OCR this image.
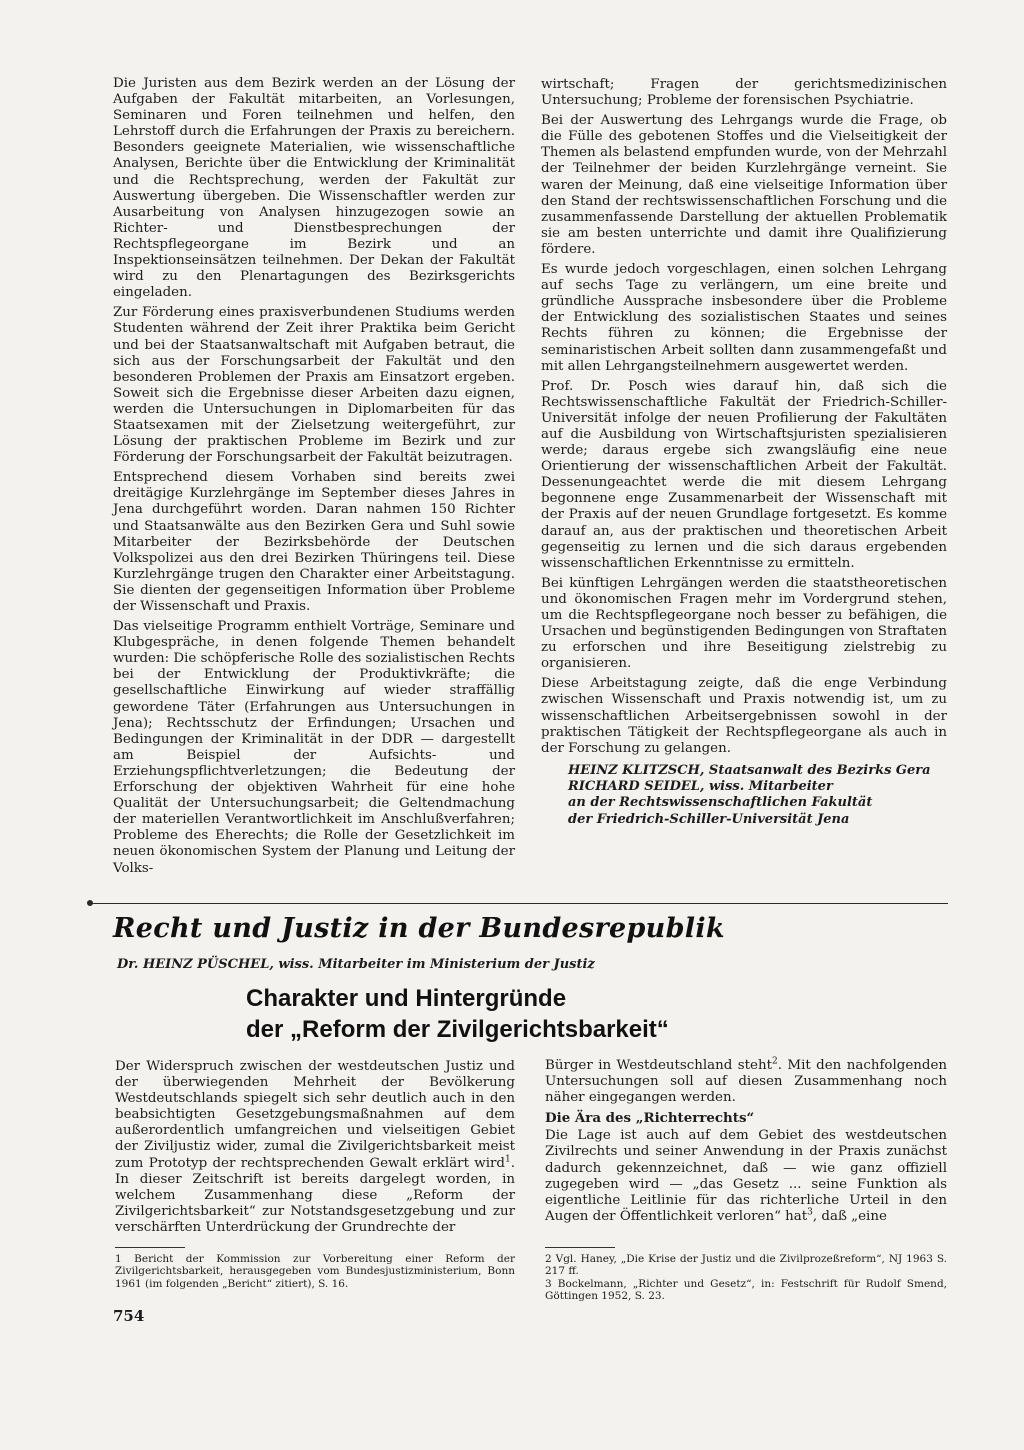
Die Juristen aus dem Bezirk werden an der Lösung der Aufgaben der Fakultät mitarbeiten, an Vorlesungen, Seminaren und Foren teilnehmen und helfen, den Lehrstoff durch die Erfahrungen der Praxis zu bereichern. Besonders geeignete Materialien, wie wissenschaftliche Analysen, Berichte über die Entwicklung der Kriminalität und die Rechtsprechung, werden der Fakultät zur Auswertung übergeben. Die Wissenschaftler werden zur Ausarbeitung von Analysen hinzugezogen sowie an Richter- und Dienstbesprechungen der Rechtspflegeorgane im Bezirk und an Inspektionseinsätzen teilnehmen. Der Dekan der Fakultät wird zu den Plenartagungen des Bezirksgerichts eingeladen.

Zur Förderung eines praxisverbundenen Studiums werden Studenten während der Zeit ihrer Praktika beim Gericht und bei der Staatsanwaltschaft mit Aufgaben betraut, die sich aus der Forschungsarbeit der Fakultät und den besonderen Problemen der Praxis am Einsatzort ergeben. Soweit sich die Ergebnisse dieser Arbeiten dazu eignen, werden die Untersuchungen in Diplomarbeiten für das Staatsexamen mit der Zielsetzung weitergeführt, zur Lösung der praktischen Probleme im Bezirk und zur Förderung der Forschungsarbeit der Fakultät beizutragen.

Entsprechend diesem Vorhaben sind bereits zwei dreitägige Kurzlehrgänge im September dieses Jahres in Jena durchgeführt worden. Daran nahmen 150 Richter und Staatsanwälte aus den Bezirken Gera und Suhl sowie Mitarbeiter der Bezirksbehörde der Deutschen Volkspolizei aus den drei Bezirken Thüringens teil. Diese Kurzlehrgänge trugen den Charakter einer Arbeitstagung. Sie dienten der gegenseitigen Information über Probleme der Wissenschaft und Praxis.

Das vielseitige Programm enthielt Vorträge, Seminare und Klubgespräche, in denen folgende Themen behandelt wurden: Die schöpferische Rolle des sozialistischen Rechts bei der Entwicklung der Produktivkräfte; die gesellschaftliche Einwirkung auf wieder straffällig gewordene Täter (Erfahrungen aus Untersuchungen in Jena); Rechtsschutz der Erfindungen; Ursachen und Bedingungen der Kriminalität in der DDR — dargestellt am Beispiel der Aufsichts- und Erziehungspflichtverletzungen; die Bedeutung der Erforschung der objektiven Wahrheit für eine hohe Qualität der Untersuchungsarbeit; die Geltendmachung der materiellen Verantwortlichkeit im Anschlußverfahren; Probleme des Eherechts; die Rolle der Gesetzlichkeit im neuen ökonomischen System der Planung und Leitung der Volks-

wirtschaft; Fragen der gerichtsmedizinischen Untersuchung; Probleme der forensischen Psychiatrie.

Bei der Auswertung des Lehrgangs wurde die Frage, ob die Fülle des gebotenen Stoffes und die Vielseitigkeit der Themen als belastend empfunden wurde, von der Mehrzahl der Teilnehmer der beiden Kurzlehrgänge verneint. Sie waren der Meinung, daß eine vielseitige Information über den Stand der rechtswissenschaftlichen Forschung und die zusammenfassende Darstellung der aktuellen Problematik sie am besten unterrichte und damit ihre Qualifizierung fördere.

Es wurde jedoch vorgeschlagen, einen solchen Lehrgang auf sechs Tage zu verlängern, um eine breite und gründliche Aussprache insbesondere über die Probleme der Entwicklung des sozialistischen Staates und seines Rechts führen zu können; die Ergebnisse der seminaristischen Arbeit sollten dann zusammengefaßt und mit allen Lehrgangsteilnehmern ausgewertet werden.

Prof. Dr. Posch wies darauf hin, daß sich die Rechtswissenschaftliche Fakultät der Friedrich-Schiller-Universität infolge der neuen Profilierung der Fakultäten auf die Ausbildung von Wirtschaftsjuristen spezialisieren werde; daraus ergebe sich zwangsläufig eine neue Orientierung der wissenschaftlichen Arbeit der Fakultät. Dessenungeachtet werde die mit diesem Lehrgang begonnene enge Zusammenarbeit der Wissenschaft mit der Praxis auf der neuen Grundlage fortgesetzt. Es komme darauf an, aus der praktischen und theoretischen Arbeit gegenseitig zu lernen und die sich daraus ergebenden wissenschaftlichen Erkenntnisse zu ermitteln.

Bei künftigen Lehrgängen werden die staatstheoretischen und ökonomischen Fragen mehr im Vordergrund stehen, um die Rechtspflegeorgane noch besser zu befähigen, die Ursachen und begünstigenden Bedingungen von Straftaten zu erforschen und ihre Beseitigung zielstrebig zu organisieren.

Diese Arbeitstagung zeigte, daß die enge Verbindung zwischen Wissenschaft und Praxis notwendig ist, um zu wissenschaftlichen Arbeitsergebnissen sowohl in der praktischen Tätigkeit der Rechtspflegeorgane als auch in der Forschung zu gelangen.

HEINZ KLITZSCH, Staatsanwalt des Bezirks Gera
RICHARD SEIDEL, wiss. Mitarbeiter
an der Rechtswissenschaftlichen Fakultät
der Friedrich-Schiller-Universität Jena
Recht und Justiz in der Bundesrepublik
Dr. HEINZ PÜSCHEL, wiss. Mitarbeiter im Ministerium der Justiz
Charakter und Hintergründe
der „Reform der Zivilgerichtsbarkeit“

Der Widerspruch zwischen der westdeutschen Justiz und der überwiegenden Mehrheit der Bevölkerung Westdeutschlands spiegelt sich sehr deutlich auch in den beabsichtigten Gesetzgebungsmaßnahmen auf dem außerordentlich umfangreichen und vielseitigen Gebiet der Ziviljustiz wider, zumal die Zivilgerichtsbarkeit meist zum Prototyp der rechtsprechenden Gewalt erklärt wird$^1$. In dieser Zeitschrift ist bereits dargelegt worden, in welchem Zusammenhang diese „Reform der Zivilgerichtsbarkeit“ zur Notstandsgesetzgebung und zur verschärften Unterdrückung der Grundrechte der

Bürger in Westdeutschland steht$^2$. Mit den nachfolgenden Untersuchungen soll auf diesen Zusammenhang noch näher eingegangen werden.

Die Ära des „Richterrechts“

Die Lage ist auch auf dem Gebiet des westdeutschen Zivilrechts und seiner Anwendung in der Praxis zunächst dadurch gekennzeichnet, daß — wie ganz offiziell zugegeben wird — „das Gesetz ... seine Funktion als eigentliche Leitlinie für das richterliche Urteil in den Augen der Öffentlichkeit verloren“ hat$^3$, daß „eine

1 Bericht der Kommission zur Vorbereitung einer Reform der Zivilgerichtsbarkeit, herausgegeben vom Bundesjustizministerium, Bonn 1961 (im folgenden „Bericht“ zitiert), S. 16.

2 Vgl. Haney, „Die Krise der Justiz und die Zivilprozeßreform“, NJ 1963 S. 217 ff.

3 Bockelmann, „Richter und Gesetz“, in: Festschrift für Rudolf Smend, Göttingen 1952, S. 23.

754
